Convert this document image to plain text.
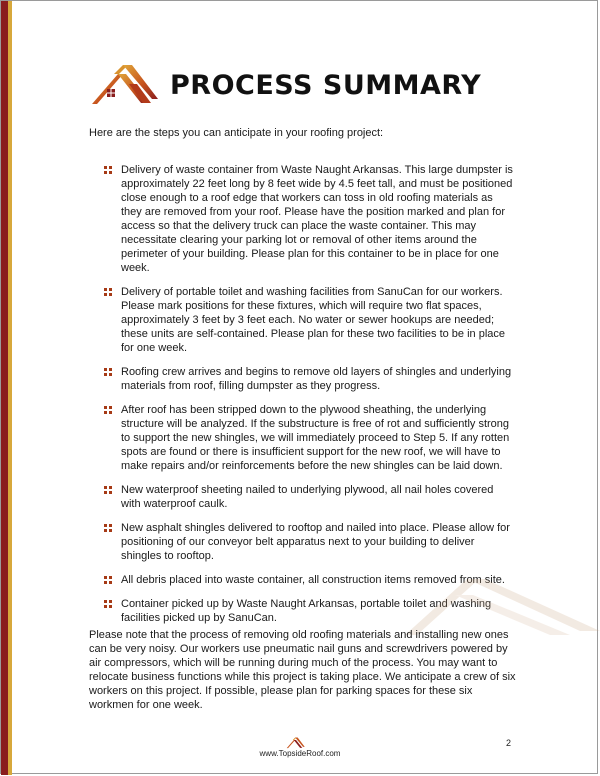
PROCESS SUMMARY
Here are the steps you can anticipate in your roofing project:
Delivery of waste container from Waste Naught Arkansas. This large dumpster is approximately 22 feet long by 8 feet wide by 4.5 feet tall, and must be positioned close enough to a roof edge that workers can toss in old roofing materials as they are removed from your roof. Please have the position marked and plan for access so that the delivery truck can place the waste container. This may necessitate clearing your parking lot or removal of other items around the perimeter of your building. Please plan for this container to be in place for one week.
Delivery of portable toilet and washing facilities from SanuCan for our workers. Please mark positions for these fixtures, which will require two flat spaces, approximately 3 feet by 3 feet each. No water or sewer hookups are needed; these units are self-contained. Please plan for these two facilities to be in place for one week.
Roofing crew arrives and begins to remove old layers of shingles and underlying materials from roof, filling dumpster as they progress.
After roof has been stripped down to the plywood sheathing, the underlying structure will be analyzed. If the substructure is free of rot and sufficiently strong to support the new shingles, we will immediately proceed to Step 5. If any rotten spots are found or there is insufficient support for the new roof, we will have to make repairs and/or reinforcements before the new shingles can be laid down.
New waterproof sheeting nailed to underlying plywood, all nail holes covered with waterproof caulk.
New asphalt shingles delivered to rooftop and nailed into place. Please allow for positioning of our conveyor belt apparatus next to your building to deliver shingles to rooftop.
All debris placed into waste container, all construction items removed from site.
Container picked up by Waste Naught Arkansas, portable toilet and washing facilities picked up by SanuCan.
Please note that the process of removing old roofing materials and installing new ones can be very noisy. Our workers use pneumatic nail guns and screwdrivers powered by air compressors, which will be running during much of the process. You may want to relocate business functions while this project is taking place. We anticipate a crew of six workers on this project. If possible, please plan for parking spaces for these six workmen for one week.
www.TopsideRoof.com
2
